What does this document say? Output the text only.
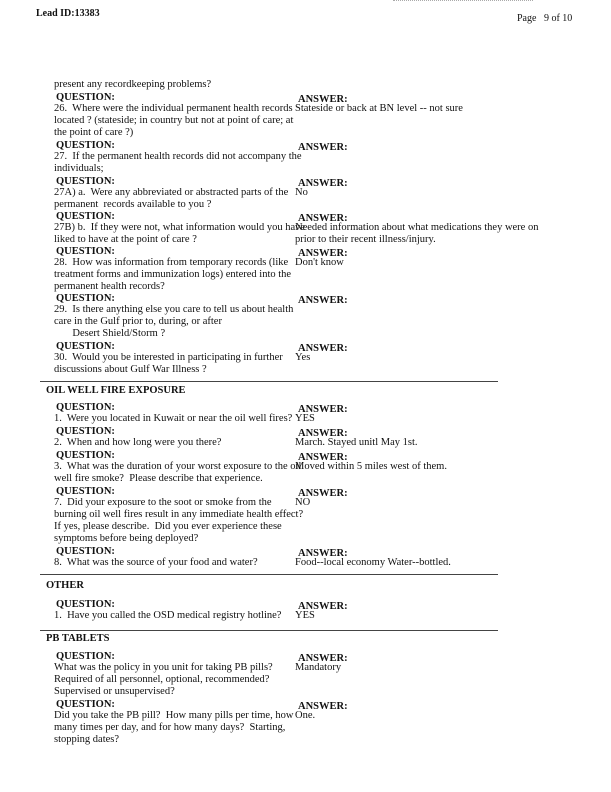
Lead ID:13383	Page   9 of 10
present any recordkeeping problems?
QUESTION:	ANSWER:
26.  Where were the individual permanent health records
located ? (stateside; in country but not at point of care; at
the point of care ?)
Stateside or back at BN level -- not sure
QUESTION:	ANSWER:
27.  If the permanent health records did not accompany the
individuals;
QUESTION:	ANSWER:
27A) a.  Were any abbreviated or abstracted parts of the
permanent  records available to you ?
No
QUESTION:	ANSWER:
27B) b.  If they were not, what information would you have
liked to have at the point of care ?
Needed information about what medications they were on
prior to their recent illness/injury.
QUESTION:	ANSWER:
28.  How was information from temporary records (like
treatment forms and immunization logs) entered into the
permanent health records?
Don't know
QUESTION:	ANSWER:
29.  Is there anything else you care to tell us about health
care in the Gulf prior to, during, or after
Desert Shield/Storm ?
QUESTION:	ANSWER:
30.  Would you be interested in participating in further
discussions about Gulf War Illness ?
Yes
QUESTION:	ANSWER:
1.  Were you located in Kuwait or near the oil well fires? YES
QUESTION:	ANSWER:
2.  When and how long were you there?	March. Stayed unitl May 1st.
QUESTION:	ANSWER:
3.  What was the duration of your worst exposure to the oil
well fire smoke?  Please describe that experience.
Moved within 5 miles west of them.
QUESTION:	ANSWER:
7.  Did your exposure to the soot or smoke from the
burning oil well fires result in any immediate health effect?
If yes, please describe.  Did you ever experience these
symptoms before being deployed?
NO
QUESTION:	ANSWER:
8.  What was the source of your food and water?	Food--local economy Water--bottled.
QUESTION:	ANSWER:
1.  Have you called the OSD medical registry hotline? YES
QUESTION:	ANSWER:
What was the policy in you unit for taking PB pills?
Required of all personnel, optional, recommended?
Supervised or unsupervised?
Mandatory
QUESTION:	ANSWER:
Did you take the PB pill?  How many pills per time, how
many times per day, and for how many days?  Starting,
stopping dates?
One.
OIL WELL FIRE EXPOSURE
OTHER
PB TABLETS
